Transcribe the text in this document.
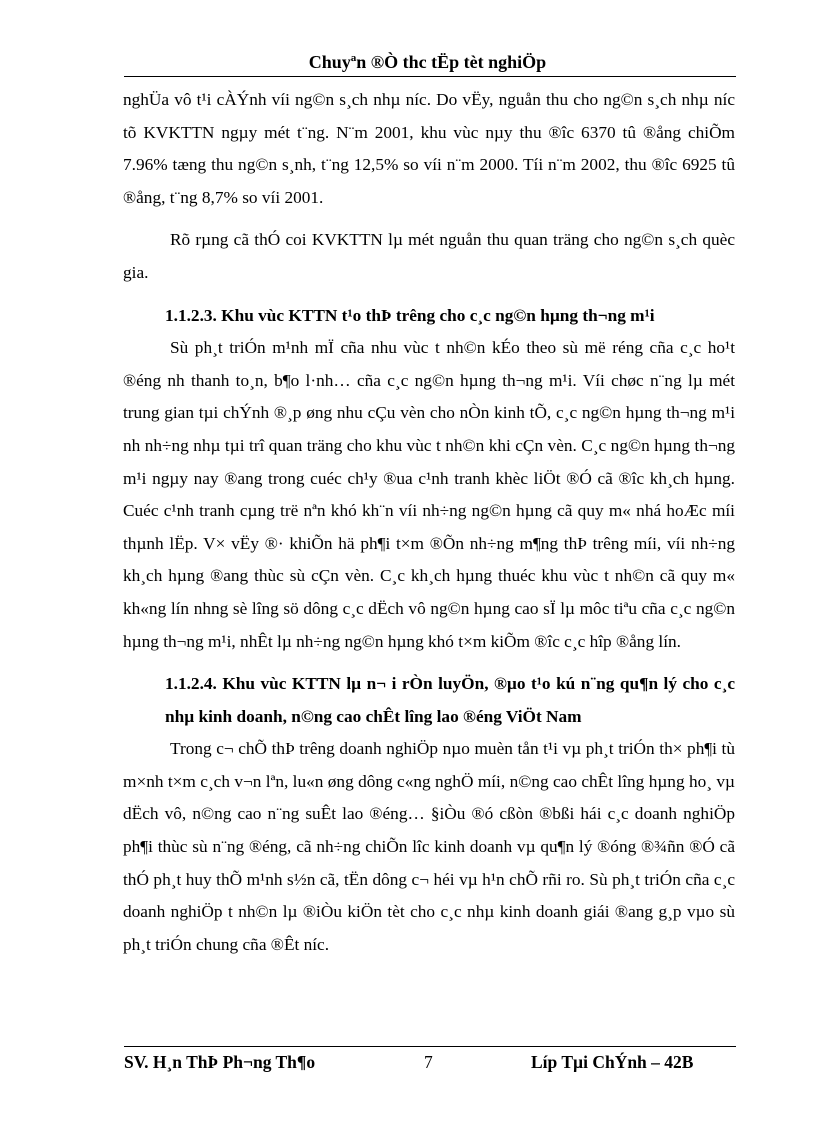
Chuyªn ®Ò thc tËp tèt nghiÖp

nghÜa vô t¹i cÀÝnh víi ng©n s¸ch nhµ níc. Do vËy, nguån thu cho ng©n s¸ch nhµ níc tõ KVKTTN ngµy mét t¨ng. N¨m 2001, khu vùc nµy thu ®îc 6370 tû ®ång chiÕm 7.96% tæng thu ng©n s¸nh, t¨ng 12,5% so víi n¨m 2000. Tíi n¨m 2002, thu ®îc 6925 tû ®ång, t¨ng 8,7% so víi 2001.

Rõ rµng cã thÓ coi KVKTTN lµ mét nguån thu quan träng cho ng©n s¸ch quèc gia.

1.1.2.3. Khu vùc KTTN t¹o thÞ trêng cho c¸c ng©n hµng th¬ng m¹i

Sù ph¸t triÓn m¹nh mÏ cña nhu vùc t nh©n kÉo theo sù më réng cña c¸c ho¹t ®éng nh thanh to¸n, b¶o l·nh… cña c¸c ng©n hµng th¬ng m¹i. Víi chøc n¨ng lµ mét trung gian tµi chÝnh ®¸p øng nhu cÇu vèn cho nÒn kinh tÕ, c¸c ng©n hµng th¬ng m¹i nh nh÷ng nhµ tµi trî quan träng cho khu vùc t nh©n khi cÇn vèn. C¸c ng©n hµng th¬ng m¹i ngµy nay ®ang trong cuéc ch¹y ®ua c¹nh tranh khèc liÖt ®Ó cã ®îc kh¸ch hµng. Cuéc c¹nh tranh cµng trë nªn khó kh¨n víi nh÷ng ng©n hµng cã quy m« nhá hoÆc míi thµnh lËp. V× vËy ®· khiÕn hä ph¶i t×m ®Õn nh÷ng m¶ng thÞ trêng míi, víi nh÷ng kh¸ch hµng ®ang thùc sù cÇn vèn. C¸c kh¸ch hµng thuéc khu vùc t nh©n cã quy m« kh«ng lín nhng sè lîng sö dông c¸c dËch vô ng©n hµng cao sÏ lµ môc tiªu cña c¸c ng©n hµng th¬ng m¹i, nhÊt lµ nh÷ng ng©n hµng khó t×m kiÕm ®îc c¸c hîp ®ång lín.

1.1.2.4. Khu vùc KTTN lµ n¬ i rÒn luyÖn, ®µo t¹o kú n¨ng qu¶n lý cho c¸c nhµ kinh doanh, n©ng cao chÊt lîng lao ®éng ViÖt Nam

Trong c¬ chÕ thÞ trêng doanh nghiÖp nµo muèn tån t¹i vµ ph¸t triÓn th× ph¶i tù m×nh t×m c¸ch v¬n lªn, lu«n øng dông c«ng nghÖ míi, n©ng cao chÊt lîng hµng ho¸ vµ dËch vô, n©ng cao n¨ng suÊt lao ®éng… §iÒu ®ó cßòn ®bßi hái c¸c doanh nghiÖp ph¶i thùc sù n¨ng ®éng, cã nh÷ng chiÕn lîc kinh doanh vµ qu¶n lý ®óng ®¾ñn ®Ó cã thÓ ph¸t huy thÕ m¹nh s½n cã, tËn dông c¬ héi vµ h¹n chÕ rñi ro. Sù ph¸t triÓn cña c¸c doanh nghiÖp t nh©n lµ ®iÒu kiÖn tèt cho c¸c nhµ kinh doanh giái ®ang g¸p vµo sù ph¸t triÓn chung cña ®Êt níc.

SV. H¸n ThÞ Ph¬ng Th¶o	7	Líp Tµi ChÝnh – 42B
